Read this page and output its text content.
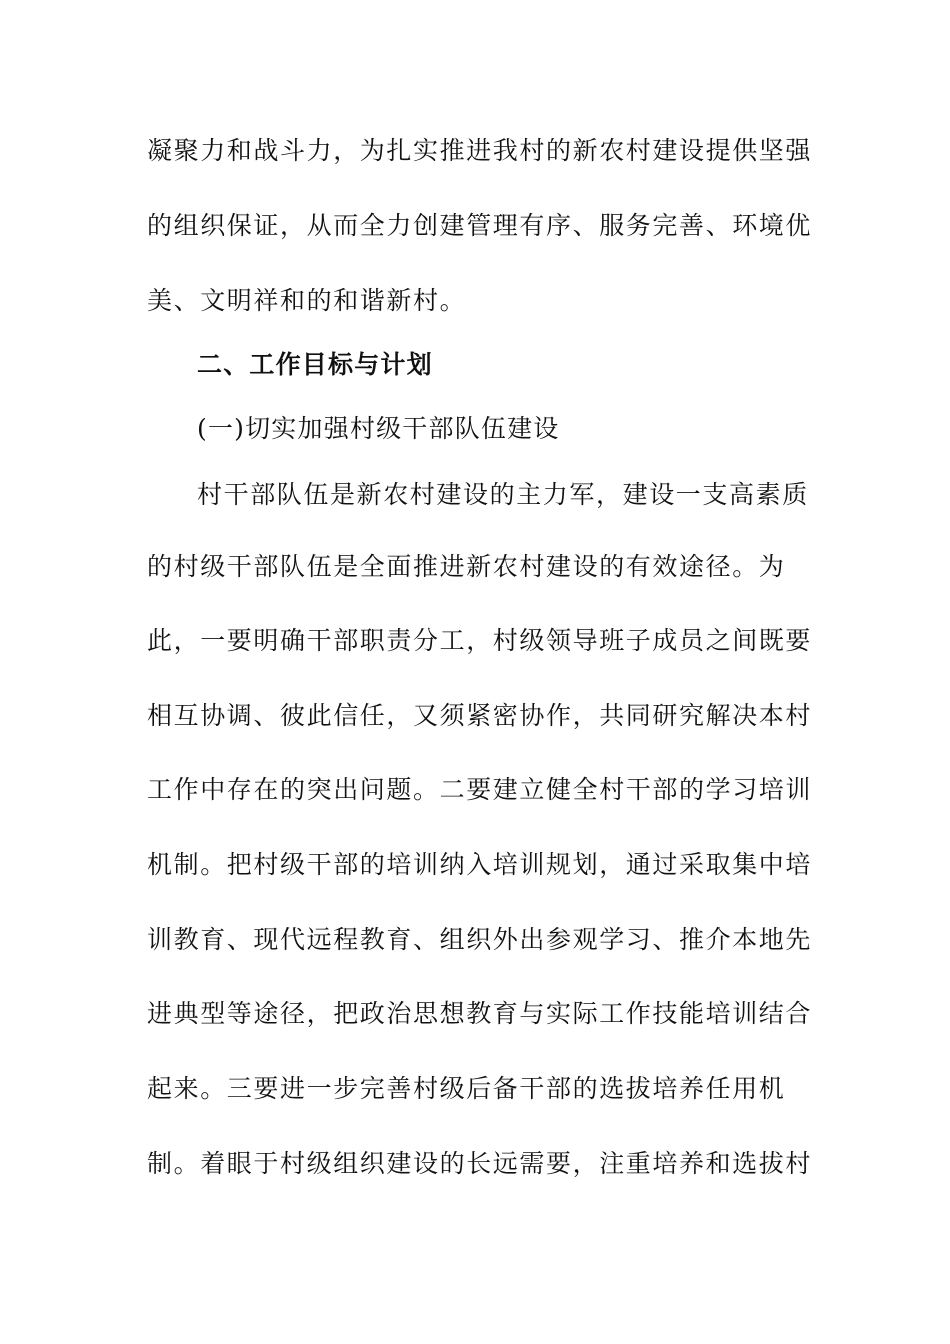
凝聚力和战斗力，为扎实推进我村的新农村建设提供坚强
的组织保证，从而全力创建管理有序、服务完善、环境优
美、文明祥和的和谐新村。
二、工作目标与计划
(一)切实加强村级干部队伍建设
村干部队伍是新农村建设的主力军，建设一支高素质
的村级干部队伍是全面推进新农村建设的有效途径。为
此，一要明确干部职责分工，村级领导班子成员之间既要
相互协调、彼此信任，又须紧密协作，共同研究解决本村
工作中存在的突出问题。二要建立健全村干部的学习培训
机制。把村级干部的培训纳入培训规划，通过采取集中培
训教育、现代远程教育、组织外出参观学习、推介本地先
进典型等途径，把政治思想教育与实际工作技能培训结合
起来。三要进一步完善村级后备干部的选拔培养任用机
制。着眼于村级组织建设的长远需要，注重培养和选拔村
